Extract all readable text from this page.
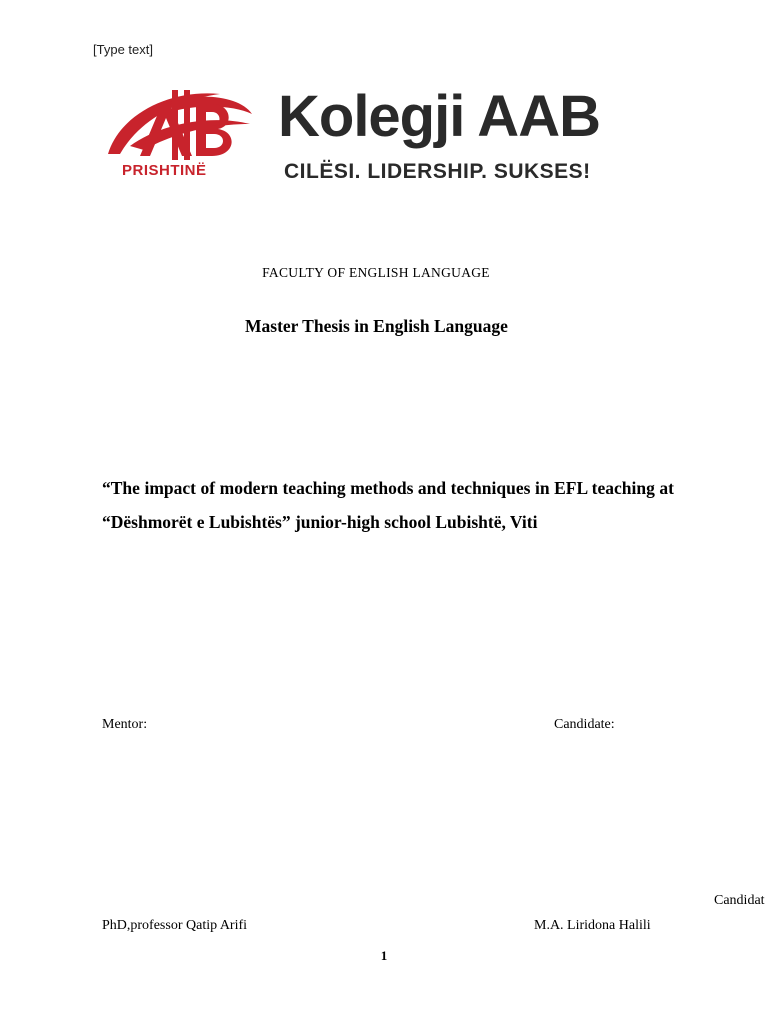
[Type text]
PRISHTINË
Kolegji AAB
CILËSI. LIDERSHIP. SUKSES!
FACULTY OF ENGLISH LANGUAGE
Master Thesis in English Language
“The impact of modern teaching methods and techniques in EFL teaching at “Dëshmorët e Lubishtës” junior-high school Lubishtë, Viti
Mentor:	Candidate:
Candidat
PhD,professor Qatip Arifi	M.A. Liridona Halili
1
